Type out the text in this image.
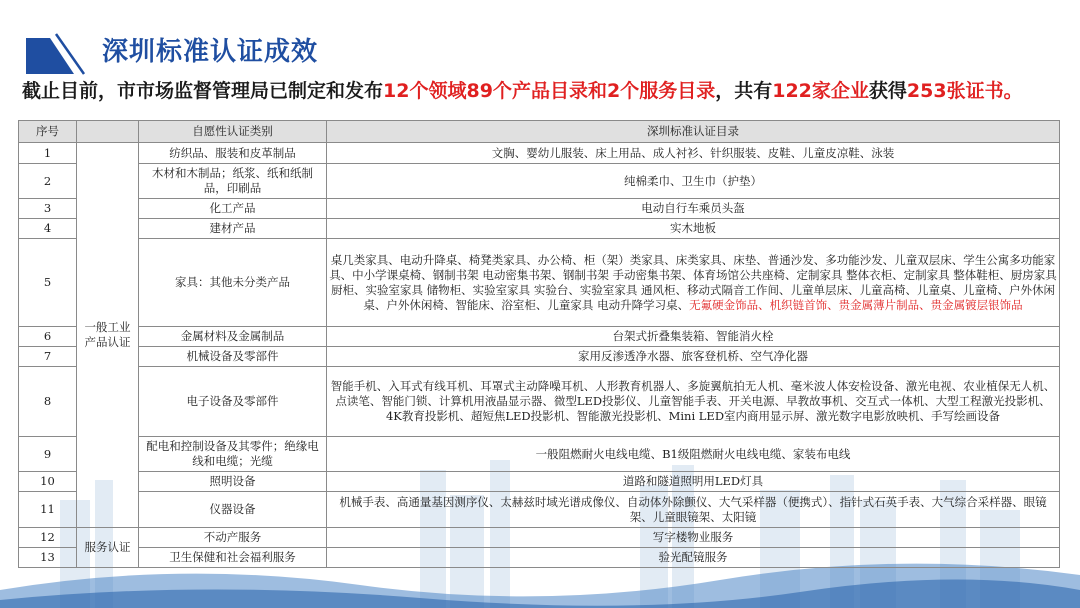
深圳标准认证成效
截止目前，市市场监督管理局已制定和发布12个领域89个产品目录和2个服务目录，共有122家企业获得253张证书。
序号		自愿性认证类别	深圳标准认证目录
1	一般工业产品认证	纺织品、服装和皮革制品	文胸、婴幼儿服装、床上用品、成人衬衫、针织服装、皮鞋、儿童皮凉鞋、泳装
2		木材和木制品；纸浆、纸和纸制品，印刷品	纯棉柔巾、卫生巾（护垫）
3		化工产品	电动自行车乘员头盔
4		建材产品	实木地板
5		家具：其他未分类产品	桌几类家具、电动升降桌、椅凳类家具、办公椅、柜（架）类家具、床类家具、床垫、普通沙发、多功能沙发、儿童双层床、学生公寓多功能家具、中小学课桌椅、钢制书架 电动密集书架、钢制书架 手动密集书架、体育场馆公共座椅、定制家具 整体衣柜、定制家具 整体鞋柜、厨房家具 厨柜、实验室家具 储物柜、实验室家具 实验台、实验室家具 通风柜、移动式隔音工作间、儿童单层床、儿童高椅、儿童桌、儿童椅、户外休闲桌、户外休闲椅、智能床、浴室柜、儿童家具 电动升降学习桌、无氟硬金饰品、机织链首饰、贵金属薄片制品、贵金属镀层银饰品
6		金属材料及金属制品	台架式折叠集装箱、智能消火栓
7		机械设备及零部件	家用反渗透净水器、旅客登机桥、空气净化器
8		电子设备及零部件	智能手机、入耳式有线耳机、耳罩式主动降噪耳机、人形教育机器人、多旋翼航拍无人机、毫米波人体安检设备、激光电视、农业植保无人机、点读笔、智能门锁、计算机用液晶显示器、微型LED投影仪、儿童智能手表、开关电源、早教故事机、交互式一体机、大型工程激光投影机、4K教育投影机、超短焦LED投影机、智能激光投影机、Mini LED室内商用显示屏、激光数字电影放映机、手写绘画设备
9		配电和控制设备及其零件；绝缘电线和电缆；光缆	一般阻燃耐火电线电缆、B1级阻燃耐火电线电缆、家装布电线
10		照明设备	道路和隧道照明用LED灯具
11		仪器设备	机械手表、高通量基因测序仪、太赫兹时域光谱成像仪、自动体外除颤仪、大气采样器（便携式）、指针式石英手表、大气综合采样器、眼镜架、儿童眼镜架、太阳镜
12	服务认证	不动产服务	写字楼物业服务
13		卫生保健和社会福利服务	验光配镜服务
